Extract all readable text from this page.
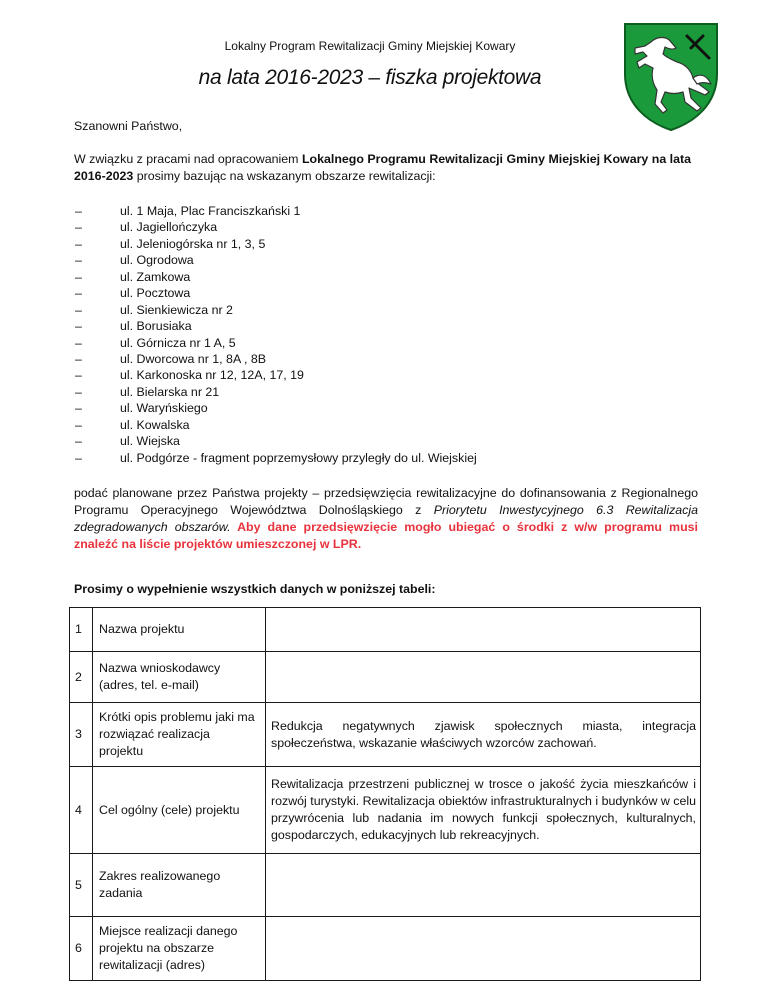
Lokalny Program Rewitalizacji Gminy Miejskiej Kowary
na lata 2016-2023 – fiszka projektowa
Szanowni Państwo,
W związku z pracami nad opracowaniem Lokalnego Programu Rewitalizacji Gminy Miejskiej Kowary na lata 2016-2023 prosimy bazując na wskazanym obszarze rewitalizacji:
–	ul. 1 Maja, Plac Franciszkański 1
–	ul. Jagiellończyka
–	ul. Jeleniogórska nr 1, 3, 5
–	ul. Ogrodowa
–	ul. Zamkowa
–	ul. Pocztowa
–	ul. Sienkiewicza nr 2
–	ul. Borusiaka
–	ul. Górnicza nr 1 A, 5
–	ul. Dworcowa nr 1, 8A , 8B
–	ul. Karkonoska nr 12, 12A, 17, 19
–	ul. Bielarska nr 21
–	ul. Waryńskiego
–	ul. Kowalska
–	ul. Wiejska
–	ul. Podgórze - fragment poprzemysłowy przyległy do ul. Wiejskiej
podać planowane przez Państwa projekty – przedsięwzięcia rewitalizacyjne do dofinansowania z Regionalnego Programu Operacyjnego Województwa Dolnośląskiego z Priorytetu Inwestycyjnego 6.3 Rewitalizacja zdegradowanych obszarów. Aby dane przedsięwzięcie mogło ubiegać o środki z w/w programu musi znaleźć na liście projektów umieszczonej w LPR.
Prosimy o wypełnienie wszystkich danych w poniższej tabeli:
1	Nazwa projektu	
2	Nazwa wnioskodawcy (adres, tel. e-mail)	
3	Krótki opis problemu jaki ma rozwiązać realizacja projektu	Redukcja negatywnych zjawisk społecznych miasta, integracja społeczeństwa, wskazanie właściwych wzorców zachowań.
4	Cel ogólny (cele) projektu	Rewitalizacja przestrzeni publicznej w trosce o jakość życia mieszkańców i rozwój turystyki. Rewitalizacja obiektów infrastrukturalnych i budynków w celu przywrócenia lub nadania im nowych funkcji społecznych, kulturalnych, gospodarczych, edukacyjnych lub rekreacyjnych.
5	Zakres realizowanego zadania	
6	Miejsce realizacji danego projektu na obszarze rewitalizacji (adres)	
